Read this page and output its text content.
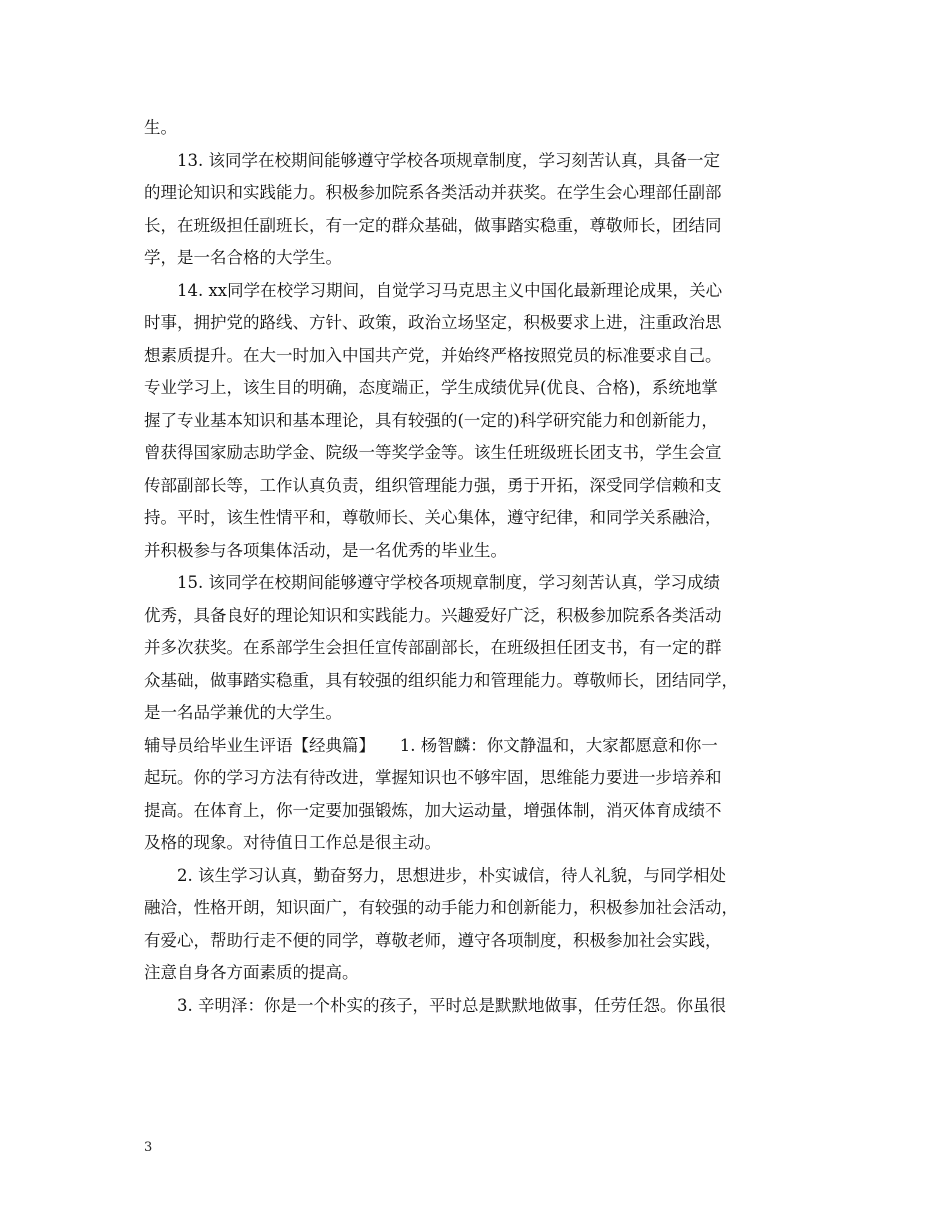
生。
13. 该同学在校期间能够遵守学校各项规章制度，学习刻苦认真，具备一定
的理论知识和实践能力。积极参加院系各类活动并获奖。在学生会心理部任副部
长，在班级担任副班长，有一定的群众基础，做事踏实稳重，尊敬师长，团结同
学，是一名合格的大学生。
14. xx同学在校学习期间，自觉学习马克思主义中国化最新理论成果，关心
时事，拥护党的路线、方针、政策，政治立场坚定，积极要求上进，注重政治思
想素质提升。在大一时加入中国共产党，并始终严格按照党员的标准要求自己。
专业学习上，该生目的明确，态度端正，学生成绩优异(优良、合格)，系统地掌
握了专业基本知识和基本理论，具有较强的(一定的)科学研究能力和创新能力，
曾获得国家励志助学金、院级一等奖学金等。该生任班级班长团支书，学生会宣
传部副部长等，工作认真负责，组织管理能力强，勇于开拓，深受同学信赖和支
持。平时，该生性情平和，尊敬师长、关心集体，遵守纪律，和同学关系融洽，
并积极参与各项集体活动，是一名优秀的毕业生。
15. 该同学在校期间能够遵守学校各项规章制度，学习刻苦认真，学习成绩
优秀，具备良好的理论知识和实践能力。兴趣爱好广泛，积极参加院系各类活动
并多次获奖。在系部学生会担任宣传部副部长，在班级担任团支书，有一定的群
众基础，做事踏实稳重，具有较强的组织能力和管理能力。尊敬师长，团结同学，
是一名品学兼优的大学生。
辅导员给毕业生评语【经典篇】　　1. 杨智麟：你文静温和，大家都愿意和你一
起玩。你的学习方法有待改进，掌握知识也不够牢固，思维能力要进一步培养和
提高。在体育上，你一定要加强锻炼，加大运动量，增强体制，消灭体育成绩不
及格的现象。对待值日工作总是很主动。
2. 该生学习认真，勤奋努力，思想进步，朴实诚信，待人礼貌，与同学相处
融洽，性格开朗，知识面广，有较强的动手能力和创新能力，积极参加社会活动，
有爱心，帮助行走不便的同学，尊敬老师，遵守各项制度，积极参加社会实践，
注意自身各方面素质的提高。
3. 辛明泽：你是一个朴实的孩子，平时总是默默地做事，任劳任怨。你虽很
3
